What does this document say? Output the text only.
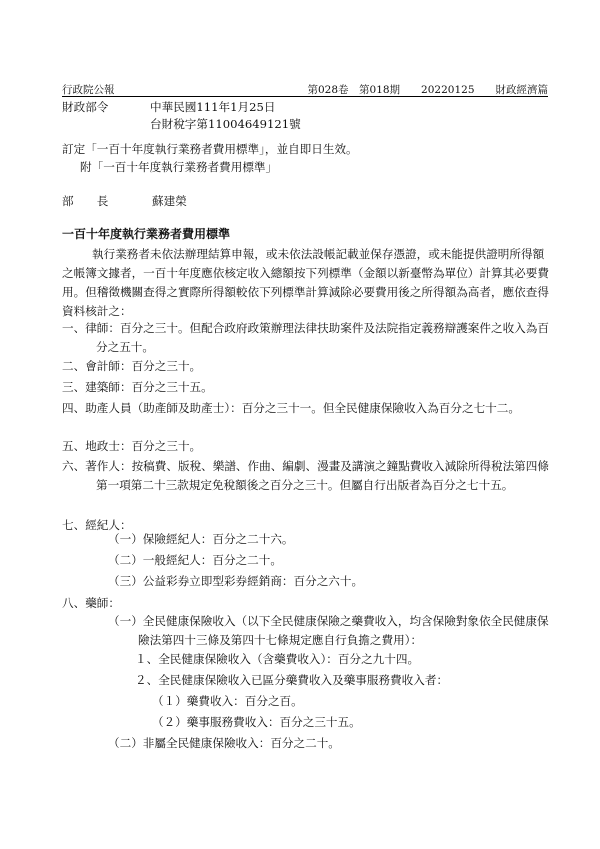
行政院公報	第028卷　第018期　　20220125　　財政經濟篇
財政部令	中華民國111年1月25日
台財稅字第11004649121號
訂定「一百十年度執行業務者費用標準」，並自即日生效。
附「一百十年度執行業務者費用標準」
部　　長	蘇建榮
一百十年度執行業務者費用標準
執行業務者未依法辦理結算申報，或未依法設帳記載並保存憑證，或未能提供證明所得額之帳簿文據者，一百十年度應依核定收入總額按下列標準（金額以新臺幣為單位）計算其必要費用。但稽徵機關查得之實際所得額較依下列標準計算減除必要費用後之所得額為高者，應依查得資料核計之：
一、律師：百分之三十。但配合政府政策辦理法律扶助案件及法院指定義務辯護案件之收入為百分之五十。
二、會計師：百分之三十。
三、建築師：百分之三十五。
四、助產人員（助產師及助產士）：百分之三十一。但全民健康保險收入為百分之七十二。
五、地政士：百分之三十。
六、著作人：按稿費、版稅、樂譜、作曲、編劇、漫畫及講演之鐘點費收入減除所得稅法第四條第一項第二十三款規定免稅額後之百分之三十。但屬自行出版者為百分之七十五。
七、經紀人：
（一）保險經紀人：百分之二十六。
（二）一般經紀人：百分之二十。
（三）公益彩券立即型彩券經銷商：百分之六十。
八、藥師：
（一）全民健康保險收入（以下全民健康保險之藥費收入，均含保險對象依全民健康保險法第四十三條及第四十七條規定應自行負擔之費用）：
１、全民健康保險收入（含藥費收入）：百分之九十四。
２、全民健康保險收入已區分藥費收入及藥事服務費收入者：
（１）藥費收入：百分之百。
（２）藥事服務費收入：百分之三十五。
（二）非屬全民健康保險收入：百分之二十。
